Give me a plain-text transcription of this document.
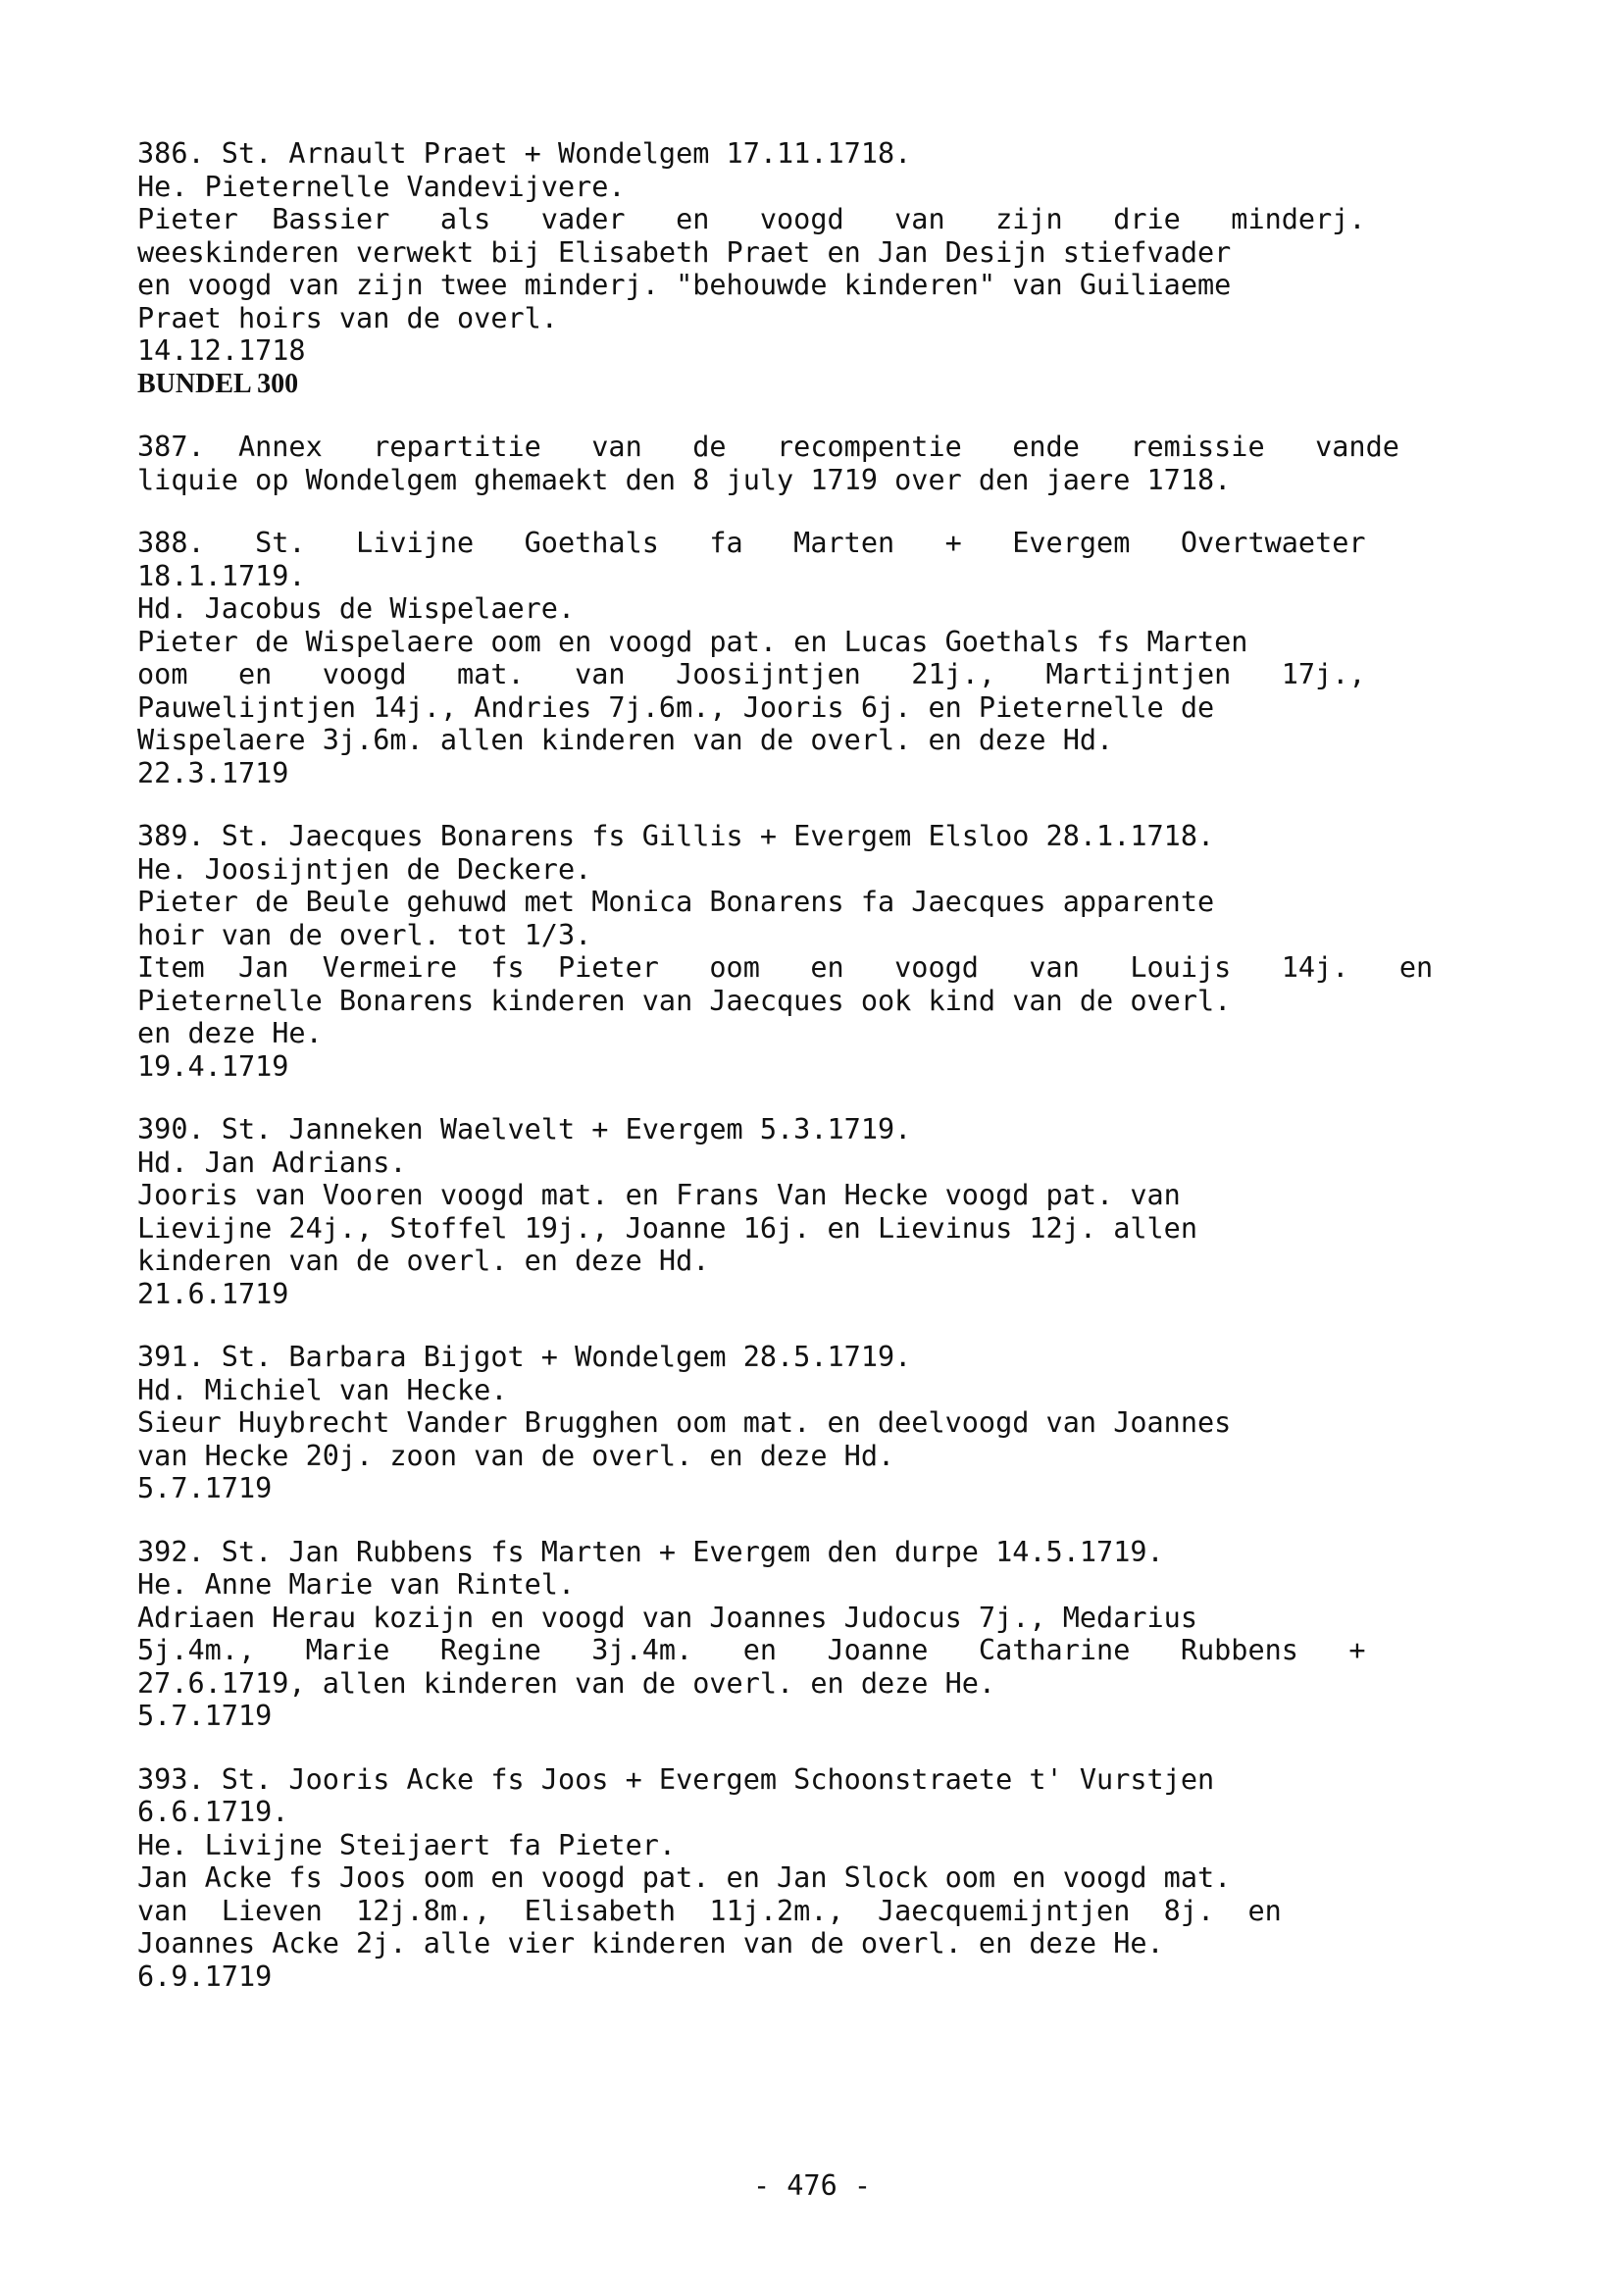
386. St. Arnault Praet + Wondelgem 17.11.1718.
He. Pieternelle Vandevijvere.
Pieter  Bassier   als   vader   en   voogd   van   zijn   drie   minderj.
weeskinderen verwekt bij Elisabeth Praet en Jan Desijn stiefvader
en voogd van zijn twee minderj. "behouwde kinderen" van Guiliaeme
Praet hoirs van de overl.
14.12.1718
BUNDEL 300
387.  Annex   repartitie   van   de   recompentie   ende   remissie   vande
liquie op Wondelgem ghemaekt den 8 july 1719 over den jaere 1718.
388.   St.   Livijne   Goethals   fa   Marten   +   Evergem   Overtwaeter
18.1.1719.
Hd. Jacobus de Wispelaere.
Pieter de Wispelaere oom en voogd pat. en Lucas Goethals fs Marten
oom   en   voogd   mat.   van   Joosijntjen   21j.,   Martijntjen   17j.,
Pauwelijntjen 14j., Andries 7j.6m., Jooris 6j. en Pieternelle de
Wispelaere 3j.6m. allen kinderen van de overl. en deze Hd.
22.3.1719
389. St. Jaecques Bonarens fs Gillis + Evergem Elsloo 28.1.1718.
He. Joosijntjen de Deckere.
Pieter de Beule gehuwd met Monica Bonarens fa Jaecques apparente
hoir van de overl. tot 1/3.
Item  Jan  Vermeire  fs  Pieter   oom   en   voogd   van   Louijs   14j.   en
Pieternelle Bonarens kinderen van Jaecques ook kind van de overl.
en deze He.
19.4.1719
390. St. Janneken Waelvelt + Evergem 5.3.1719.
Hd. Jan Adrians.
Jooris van Vooren voogd mat. en Frans Van Hecke voogd pat. van
Lievijne 24j., Stoffel 19j., Joanne 16j. en Lievinus 12j. allen
kinderen van de overl. en deze Hd.
21.6.1719
391. St. Barbara Bijgot + Wondelgem 28.5.1719.
Hd. Michiel van Hecke.
Sieur Huybrecht Vander Brugghen oom mat. en deelvoogd van Joannes
van Hecke 20j. zoon van de overl. en deze Hd.
5.7.1719
392. St. Jan Rubbens fs Marten + Evergem den durpe 14.5.1719.
He. Anne Marie van Rintel.
Adriaen Herau kozijn en voogd van Joannes Judocus 7j., Medarius
5j.4m.,   Marie   Regine   3j.4m.   en   Joanne   Catharine   Rubbens   +
27.6.1719, allen kinderen van de overl. en deze He.
5.7.1719
393. St. Jooris Acke fs Joos + Evergem Schoonstraete t' Vurstjen
6.6.1719.
He. Livijne Steijaert fa Pieter.
Jan Acke fs Joos oom en voogd pat. en Jan Slock oom en voogd mat.
van  Lieven  12j.8m.,  Elisabeth  11j.2m.,  Jaecquemijntjen  8j.  en
Joannes Acke 2j. alle vier kinderen van de overl. en deze He.
6.9.1719
- 476 -
